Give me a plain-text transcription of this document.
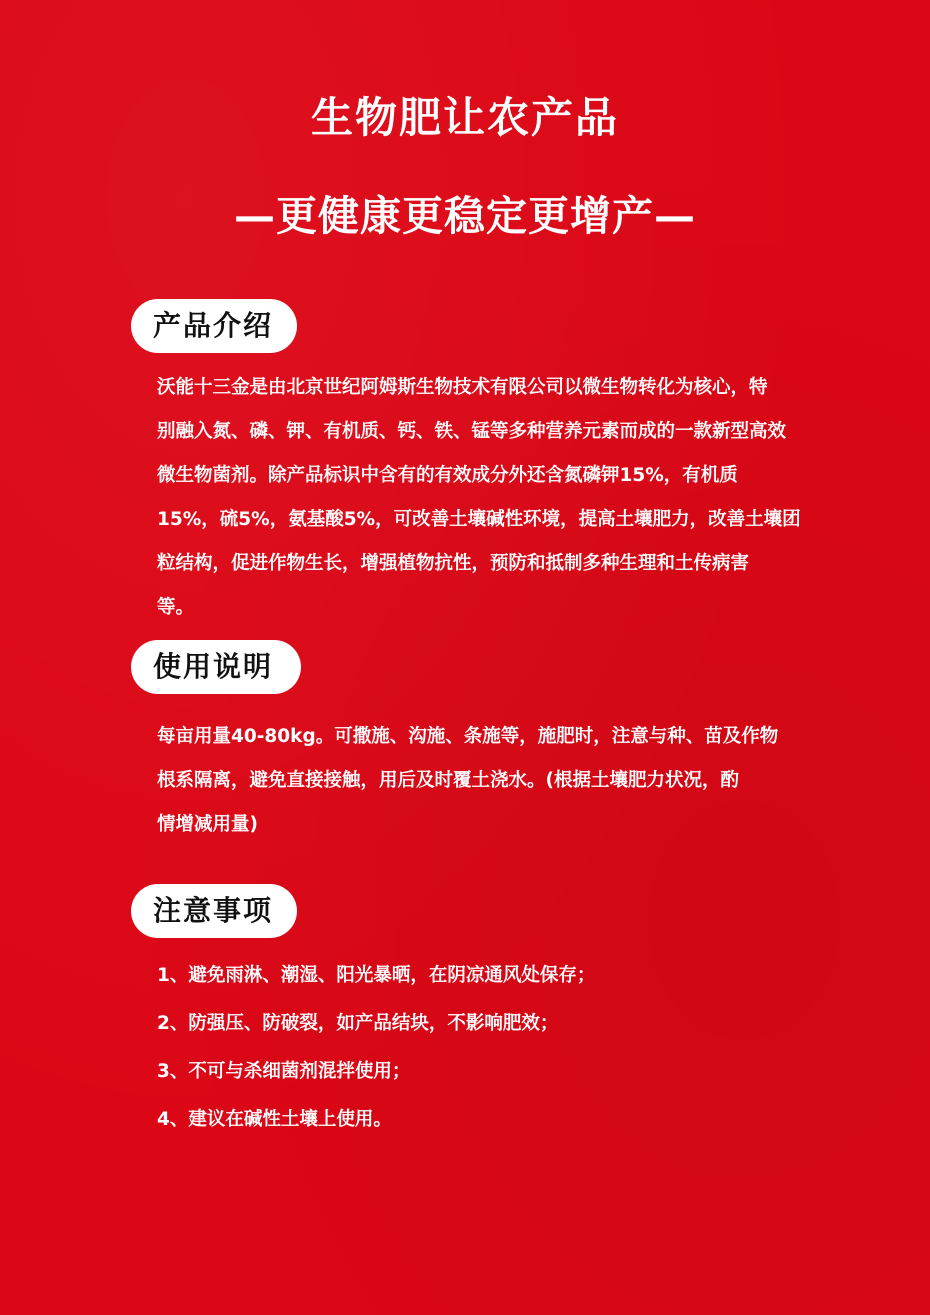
生物肥让农产品
—更健康更稳定更增产—
产品介绍
沃能十三金是由北京世纪阿姆斯生物技术有限公司以微生物转化为核心，特
别融入氮、磷、钾、有机质、钙、铁、锰等多种营养元素而成的一款新型高效
微生物菌剂。除产品标识中含有的有效成分外还含氮磷钾15%，有机质
15%，硫5%，氨基酸5%，可改善土壤碱性环境，提高土壤肥力，改善土壤团
粒结构，促进作物生长，增强植物抗性，预防和抵制多种生理和土传病害
等。
使用说明
每亩用量40-80kg。可撒施、沟施、条施等，施肥时，注意与种、苗及作物
根系隔离，避免直接接触，用后及时覆土浇水。(根据土壤肥力状况，酌
情增减用量)
注意事项
1、避免雨淋、潮湿、阳光暴晒，在阴凉通风处保存；
2、防强压、防破裂，如产品结块，不影响肥效；
3、不可与杀细菌剂混拌使用；
4、建议在碱性土壤上使用。
